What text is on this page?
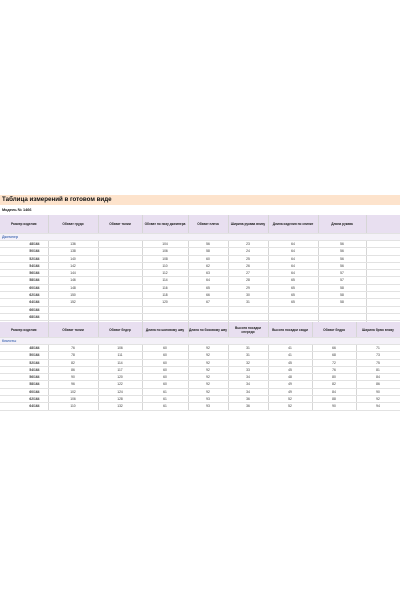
Таблица измерений в готовом виде
Модель № 1466
Размер изделия	Обхват груди	Обхват талии	Обхват по низу джемпера	Обхват плеча	Ширина рукава внизу	Длина изделия по спинке	Длина рукава	
Джемпер								
48/164	136		104	56	23	64	56	
50/164	138		106	58	24	64	56	
52/164	140		108	60	25	64	56	
54/164	142		110	62	26	64	56	
56/164	144		112	63	27	64	57	
58/164	146		114	64	28	65	57	
60/164	148		116	65	29	65	58	
62/164	150		118	66	30	65	58	
64/164	152		120	67	31	65	58	
66/164								
68/164								

Размер изделия	Обхват талии	Обхват бедер	Длина по шаговому шву	Длина по боковому шву	Высота посадки спереди	Высота посадки сзади	Обхват бедра	Ширина брюк внизу
Кюлоты								
48/164	76	106	60	92	31	41	66	71
50/164	78	111	60	92	31	41	68	73
52/164	82	114	60	92	32	45	72	75
54/164	86	117	60	92	33	45	76	81
56/164	90	120	60	92	34	48	80	84
58/164	96	122	60	92	34	49	82	86
60/164	102	124	61	92	34	49	84	90
62/164	106	128	61	93	36	52	88	92
64/164	110	132	61	93	36	52	90	94
